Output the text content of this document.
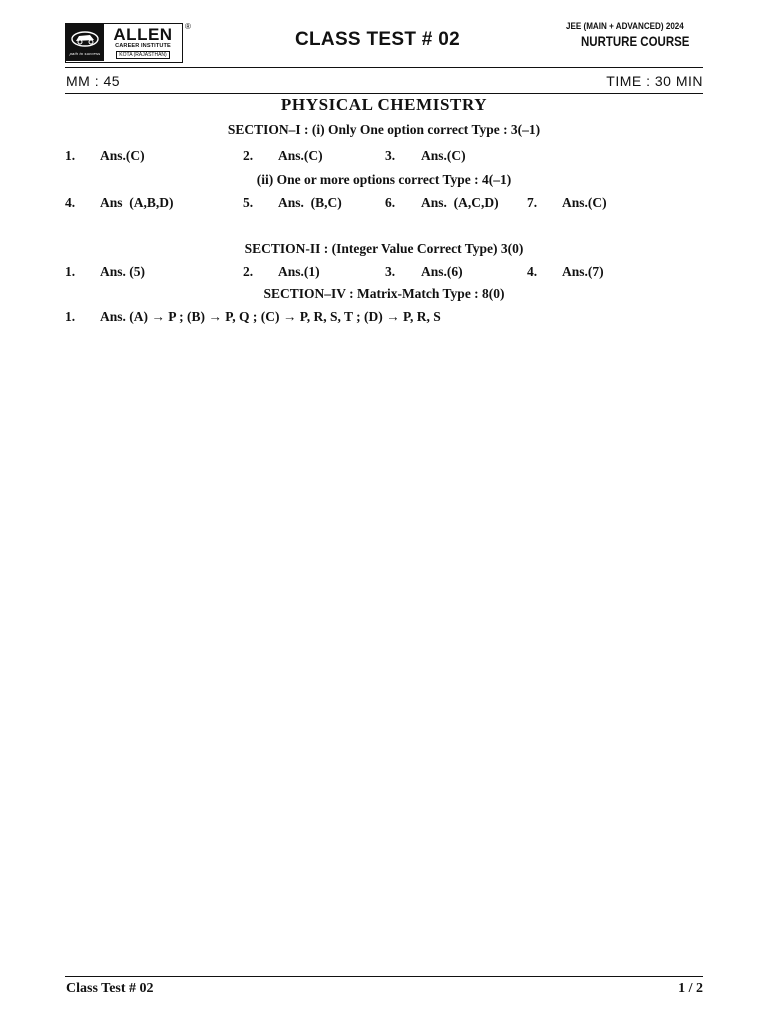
path to success
ALLEN
CAREER INSTITUTE
KOTA (RAJASTHAN)
®
CLASS TEST # 02
JEE (MAIN + ADVANCED) 2024
NURTURE COURSE
MM : 45	TIME : 30 MIN
PHYSICAL CHEMISTRY
SECTION–I : (i) Only One option correct Type : 3(–1)
1. Ans.(C)	2. Ans.(C)	3. Ans.(C)
(ii) One or more options correct Type : 4(–1)
4. Ans  (A,B,D)	5. Ans.  (B,C)	6. Ans.  (A,C,D) 7. Ans.(C)
SECTION-II : (Integer Value Correct Type) 3(0)
1. Ans. (5)	2. Ans.(1)	3. Ans.(6)	4. Ans.(7)
SECTION–IV : Matrix-Match Type : 8(0)
1. Ans. (A) → P ; (B) → P, Q ; (C) → P, R, S, T ; (D) → P, R, S
Class Test # 02	1 / 2
